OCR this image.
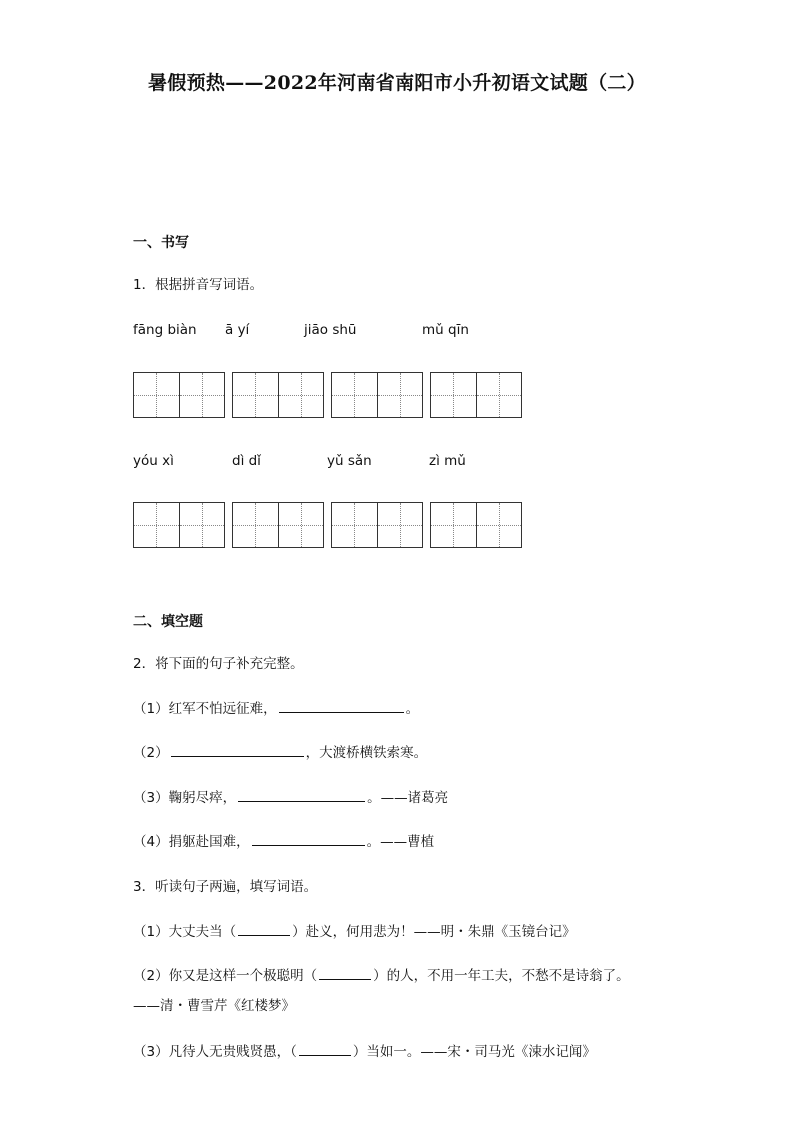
暑假预热——2022年河南省南阳市小升初语文试题（二）
一、书写
1．根据拼音写词语。
fāng biàn ā yí	jiāo shū	mǔ qīn
yóu xì	dì dǐ	yǔ sǎn	zì mǔ
二、填空题
2．将下面的句子补充完整。
（1）红军不怕远征难，	。
（2）	，大渡桥横铁索寒。
（3）鞠躬尽瘁，	。——诸葛亮
（4）捐躯赴国难，	。——曹植
3．听读句子两遍，填写词语。
（1）大丈夫当（	）赴义，何用悲为！——明・朱鼎《玉镜台记》
（2）你又是这样一个极聪明（	）的人，不用一年工夫，不愁不是诗翁了。
——清・曹雪芹《红楼梦》
（3）凡待人无贵贱贤愚，（	）当如一。——宋・司马光《涑水记闻》
